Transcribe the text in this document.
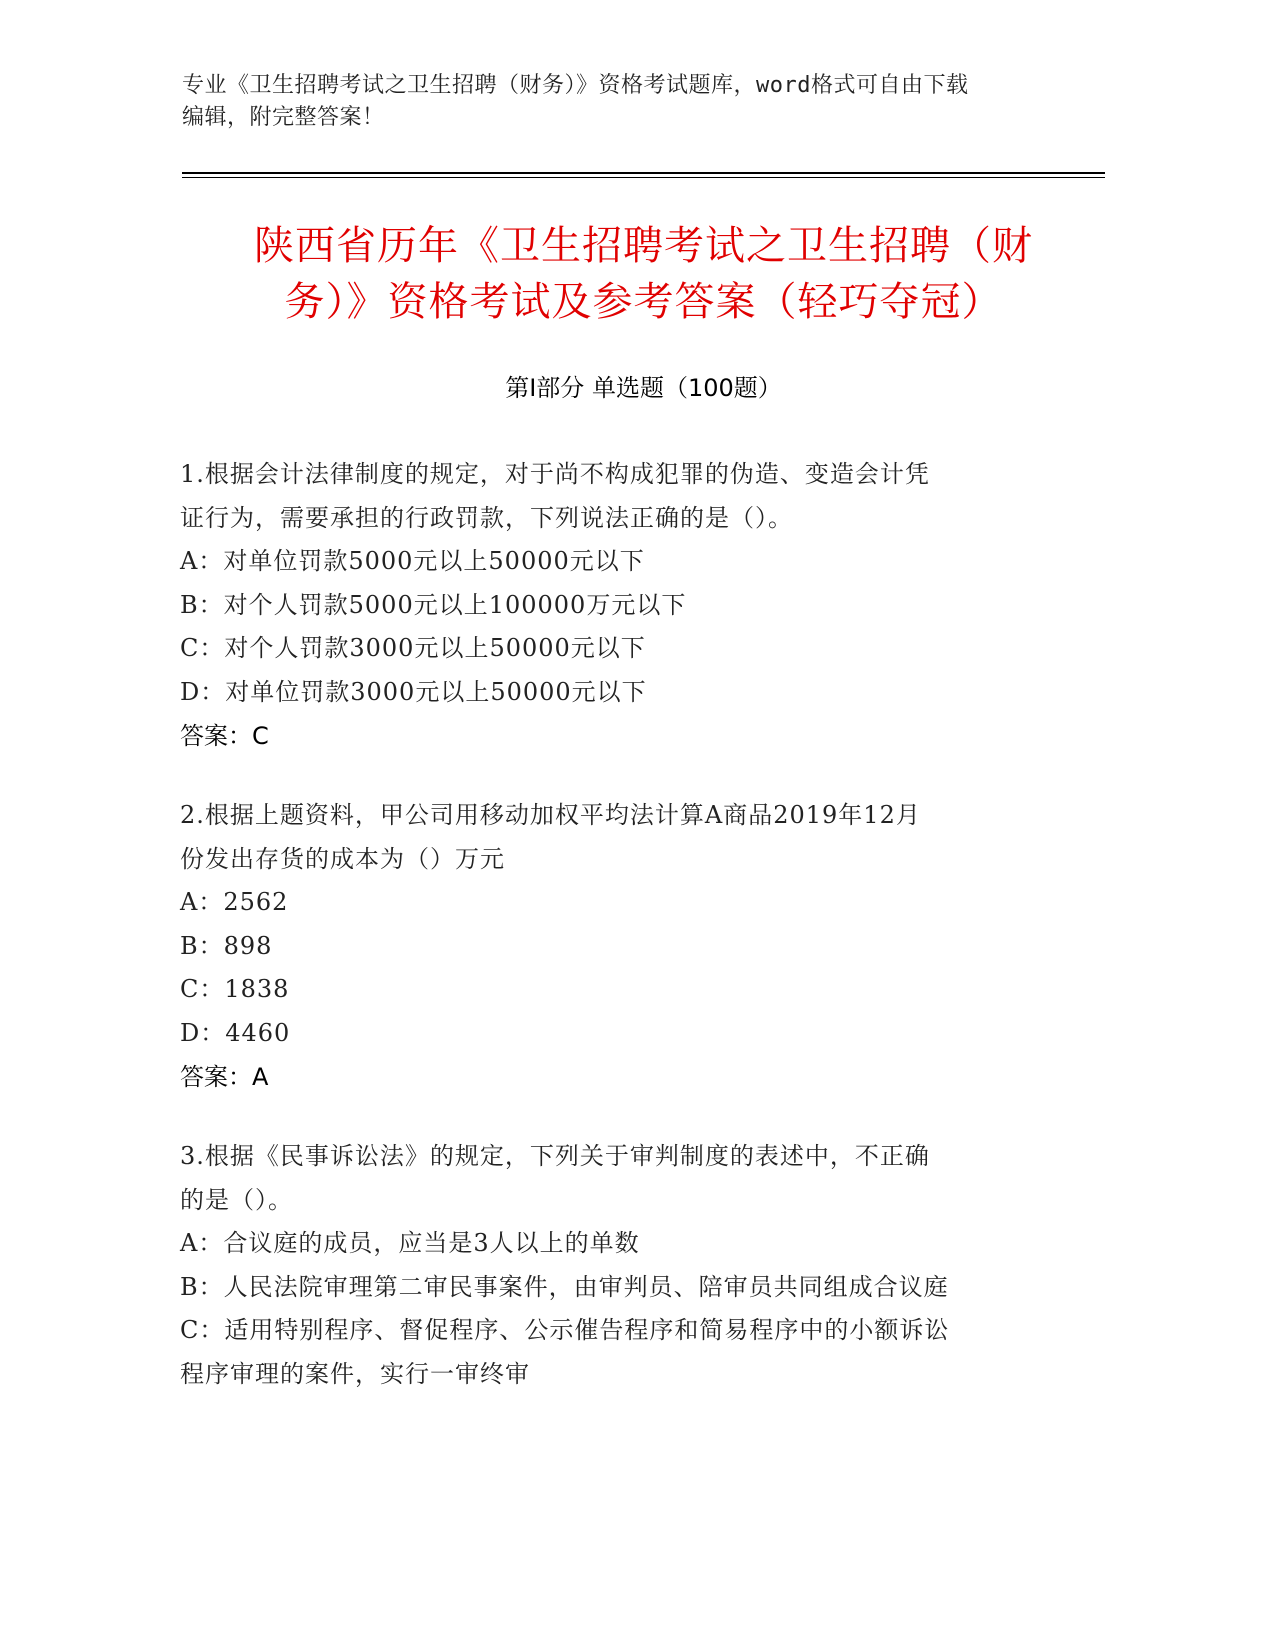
专业《卫生招聘考试之卫生招聘（财务）》资格考试题库，word格式可自由下载
编辑，附完整答案！
陕西省历年《卫生招聘考试之卫生招聘（财
务）》资格考试及参考答案（轻巧夺冠）
第I部分 单选题（100题）
1.根据会计法律制度的规定，对于尚不构成犯罪的伪造、变造会计凭
证行为，需要承担的行政罚款，下列说法正确的是（）。
A：对单位罚款5000元以上50000元以下
B：对个人罚款5000元以上100000万元以下
C：对个人罚款3000元以上50000元以下
D：对单位罚款3000元以上50000元以下
答案：C
2.根据上题资料，甲公司用移动加权平均法计算A商品2019年12月
份发出存货的成本为（）万元
A：2562
B：898
C：1838
D：4460
答案：A
3.根据《民事诉讼法》的规定，下列关于审判制度的表述中，不正确
的是（）。
A：合议庭的成员，应当是3人以上的单数
B：人民法院审理第二审民事案件，由审判员、陪审员共同组成合议庭
C：适用特别程序、督促程序、公示催告程序和简易程序中的小额诉讼
程序审理的案件，实行一审终审
